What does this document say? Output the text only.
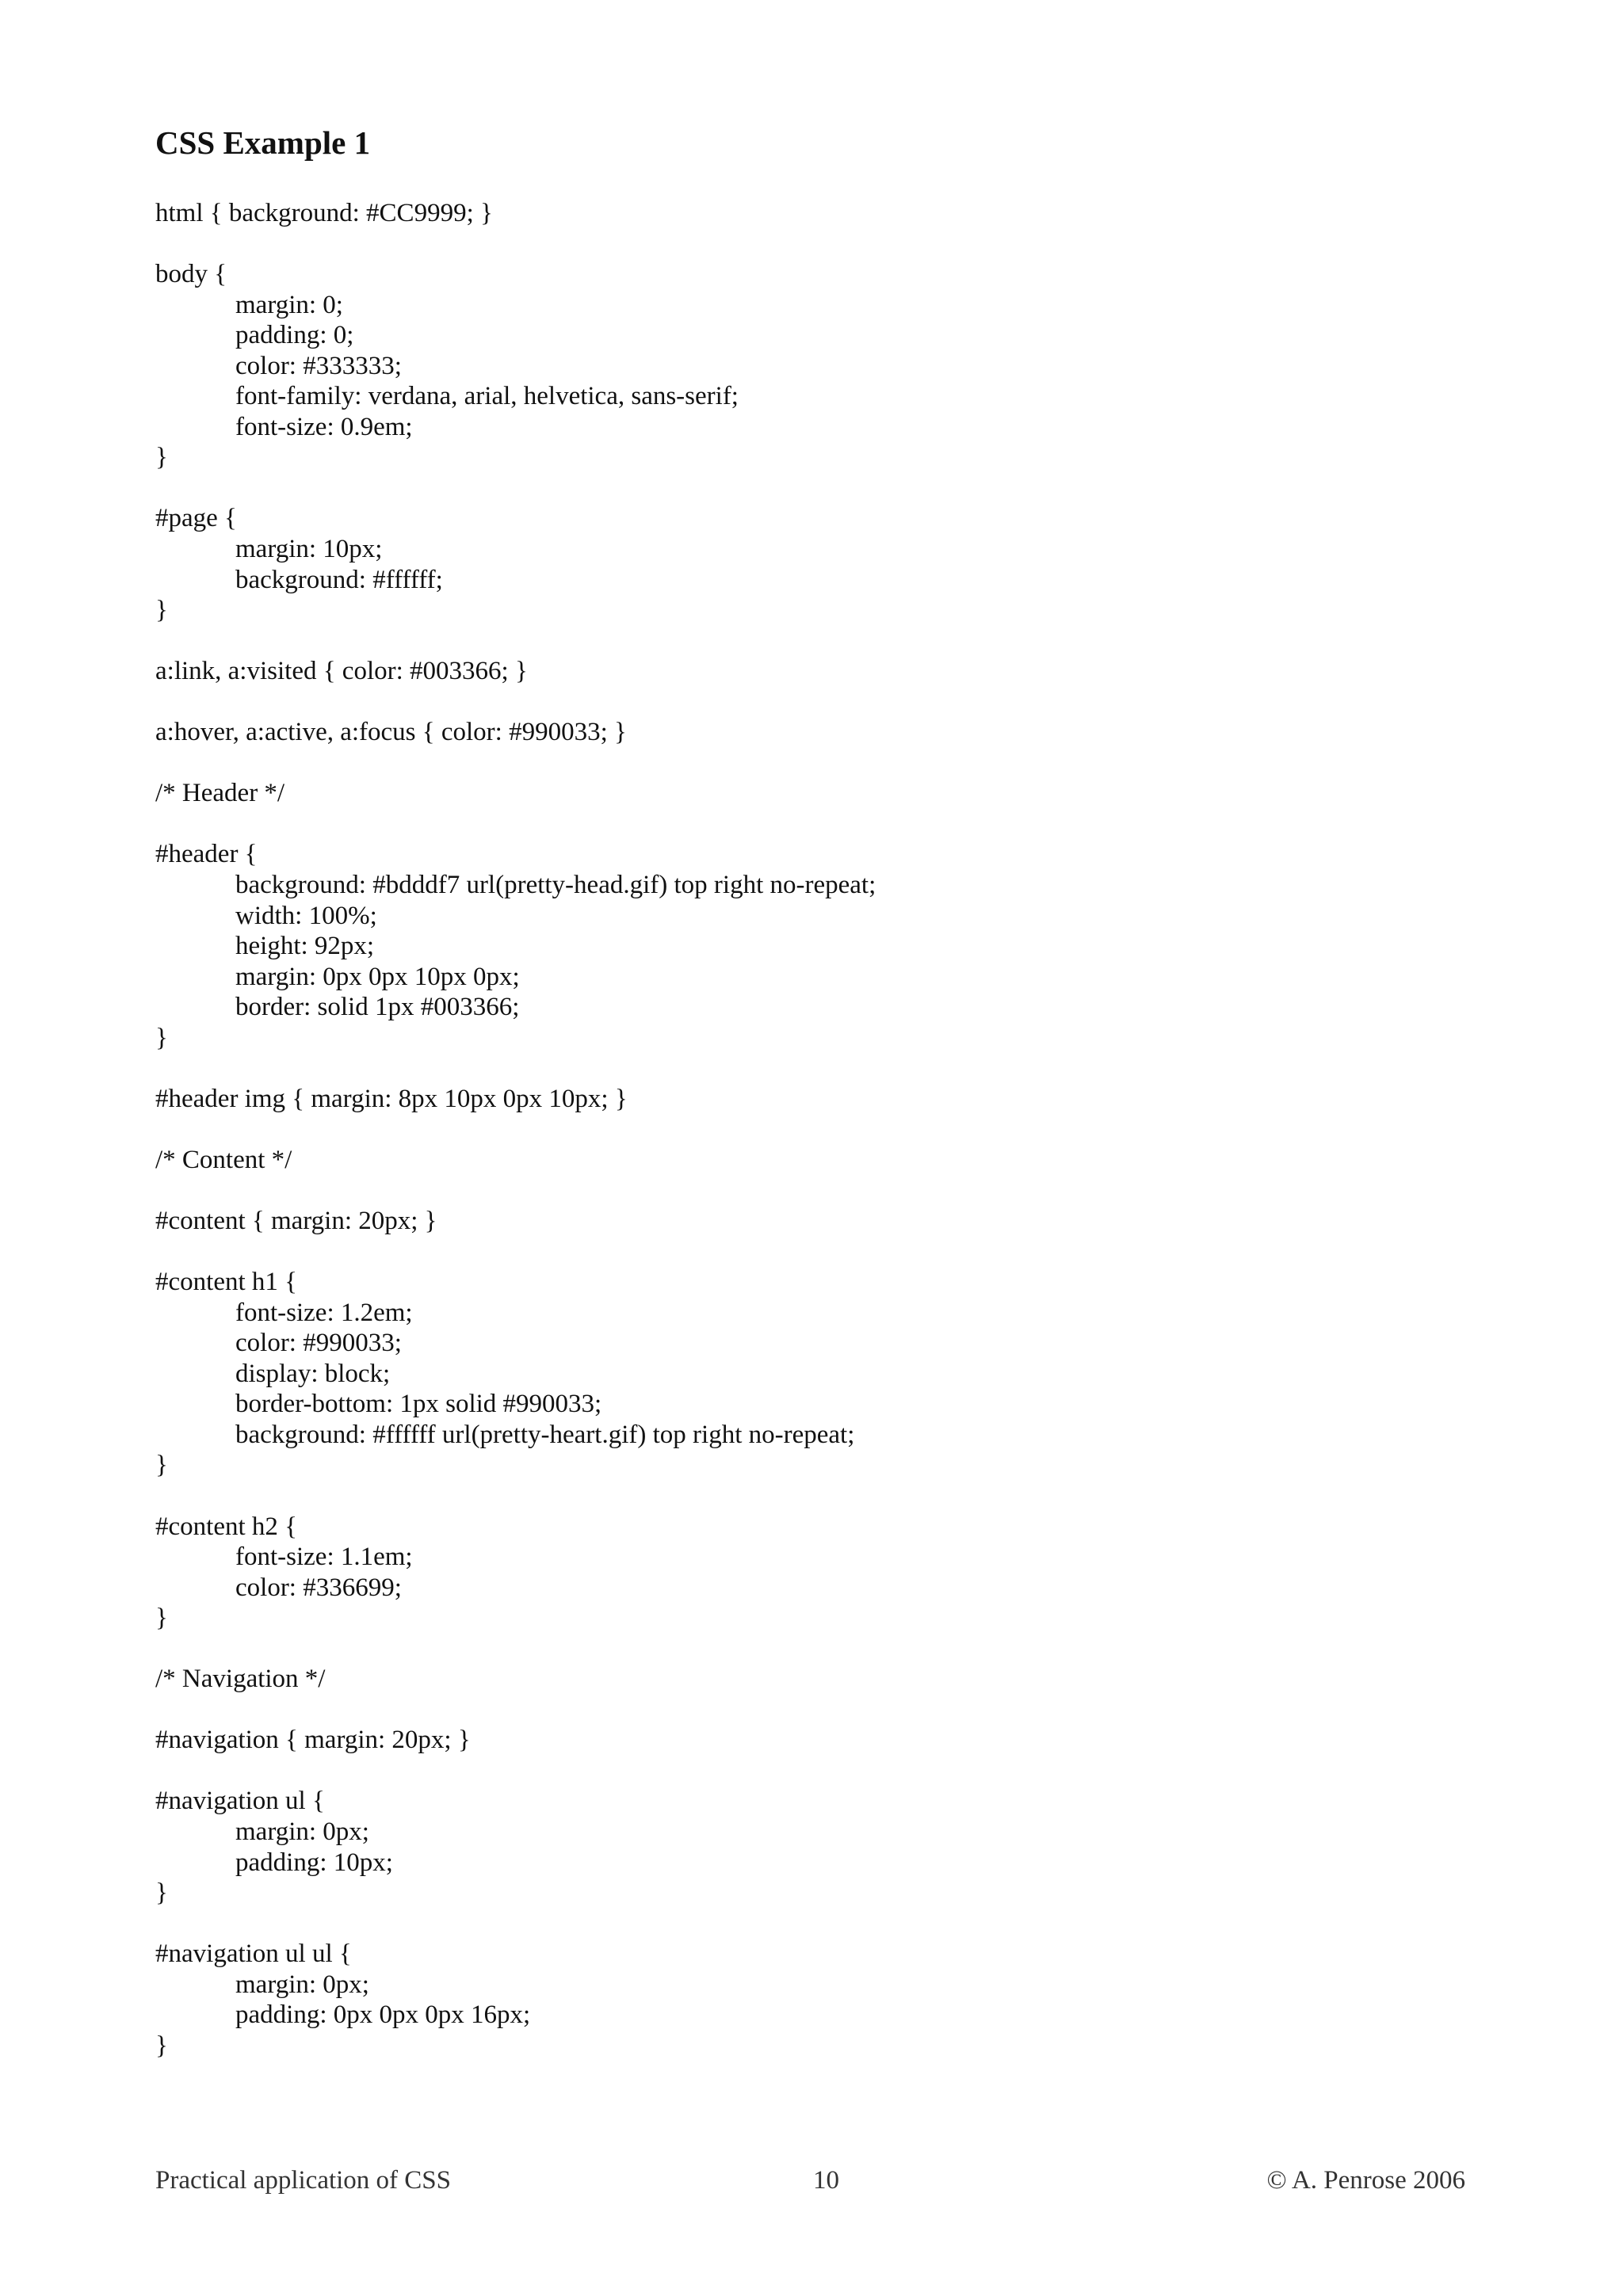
CSS Example 1
html { background: #CC9999; }
body {
margin: 0;
padding: 0;
color: #333333;
font-family: verdana, arial, helvetica, sans-serif;
font-size: 0.9em;
}
#page {
margin: 10px;
background: #ffffff;
}
a:link, a:visited { color: #003366; }
a:hover, a:active, a:focus { color: #990033; }
/* Header */
#header {
background: #bdddf7 url(pretty-head.gif) top right no-repeat;
width: 100%;
height: 92px;
margin: 0px 0px 10px 0px;
border: solid 1px #003366;
}
#header img { margin: 8px 10px 0px 10px; }
/* Content */
#content { margin: 20px; }
#content h1 {
font-size: 1.2em;
color: #990033;
display: block;
border-bottom: 1px solid #990033;
background: #ffffff url(pretty-heart.gif) top right no-repeat;
}
#content h2 {
font-size: 1.1em;
color: #336699;
}
/* Navigation */
#navigation { margin: 20px; }
#navigation ul {
margin: 0px;
padding: 10px;
}
#navigation ul ul {
margin: 0px;
padding: 0px 0px 0px 16px;
}
Practical application of CSS	10	© A. Penrose 2006
